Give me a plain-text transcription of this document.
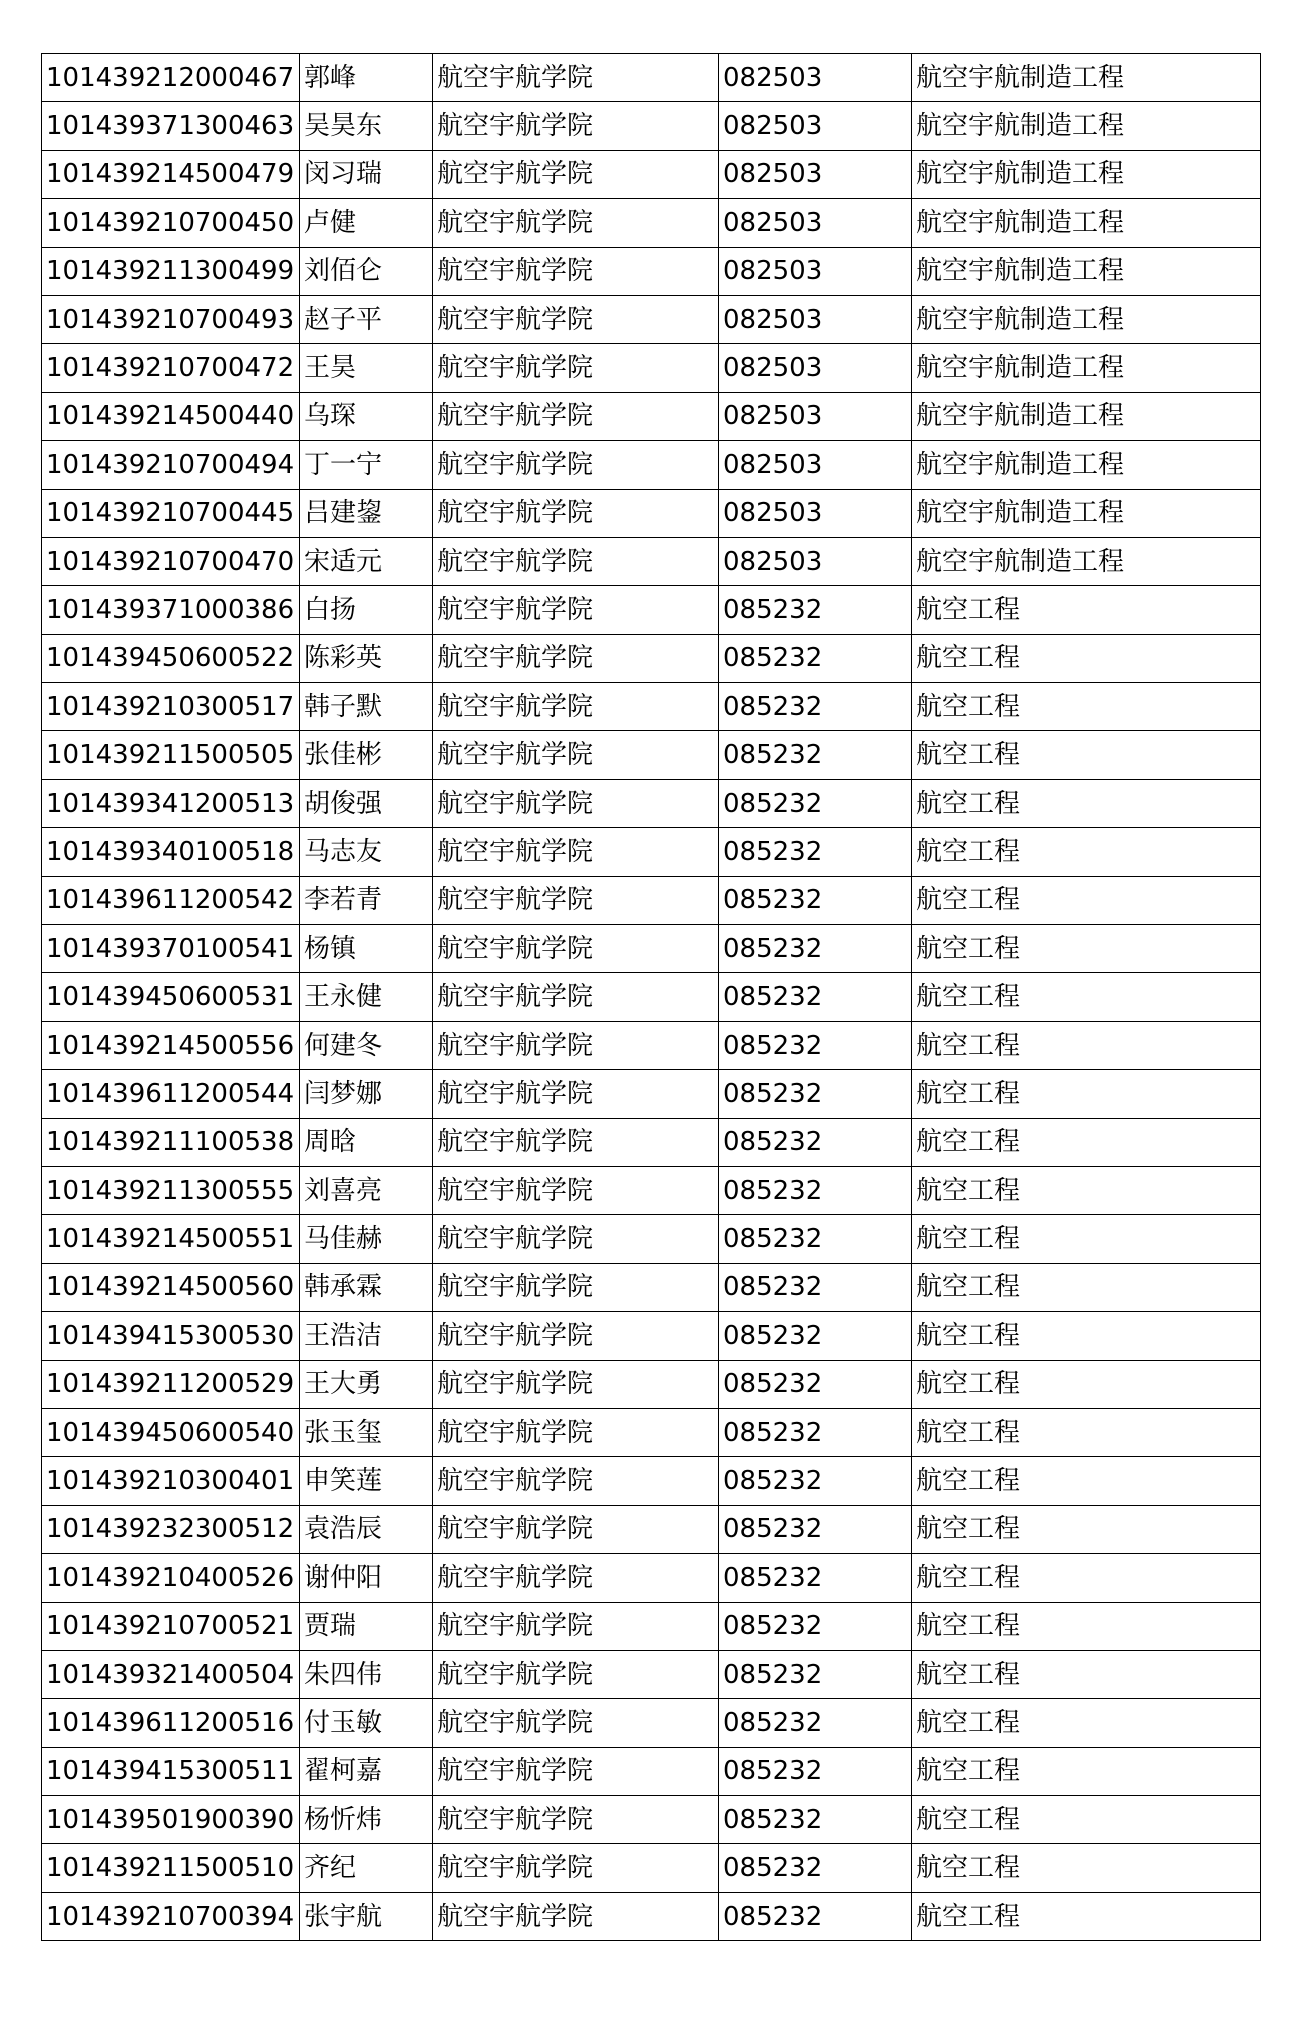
101439212000467	郭峰	航空宇航学院	082503	航空宇航制造工程
101439371300463	吴昊东	航空宇航学院	082503	航空宇航制造工程
101439214500479	闵习瑞	航空宇航学院	082503	航空宇航制造工程
101439210700450	卢健	航空宇航学院	082503	航空宇航制造工程
101439211300499	刘佰仑	航空宇航学院	082503	航空宇航制造工程
101439210700493	赵子平	航空宇航学院	082503	航空宇航制造工程
101439210700472	王昊	航空宇航学院	082503	航空宇航制造工程
101439214500440	乌琛	航空宇航学院	082503	航空宇航制造工程
101439210700494	丁一宁	航空宇航学院	082503	航空宇航制造工程
101439210700445	吕建鋆	航空宇航学院	082503	航空宇航制造工程
101439210700470	宋适元	航空宇航学院	082503	航空宇航制造工程
101439371000386	白扬	航空宇航学院	085232	航空工程
101439450600522	陈彩英	航空宇航学院	085232	航空工程
101439210300517	韩子默	航空宇航学院	085232	航空工程
101439211500505	张佳彬	航空宇航学院	085232	航空工程
101439341200513	胡俊强	航空宇航学院	085232	航空工程
101439340100518	马志友	航空宇航学院	085232	航空工程
101439611200542	李若青	航空宇航学院	085232	航空工程
101439370100541	杨镇	航空宇航学院	085232	航空工程
101439450600531	王永健	航空宇航学院	085232	航空工程
101439214500556	何建冬	航空宇航学院	085232	航空工程
101439611200544	闫梦娜	航空宇航学院	085232	航空工程
101439211100538	周晗	航空宇航学院	085232	航空工程
101439211300555	刘喜亮	航空宇航学院	085232	航空工程
101439214500551	马佳赫	航空宇航学院	085232	航空工程
101439214500560	韩承霖	航空宇航学院	085232	航空工程
101439415300530	王浩洁	航空宇航学院	085232	航空工程
101439211200529	王大勇	航空宇航学院	085232	航空工程
101439450600540	张玉玺	航空宇航学院	085232	航空工程
101439210300401	申笑莲	航空宇航学院	085232	航空工程
101439232300512	袁浩辰	航空宇航学院	085232	航空工程
101439210400526	谢仲阳	航空宇航学院	085232	航空工程
101439210700521	贾瑞	航空宇航学院	085232	航空工程
101439321400504	朱四伟	航空宇航学院	085232	航空工程
101439611200516	付玉敏	航空宇航学院	085232	航空工程
101439415300511	翟柯嘉	航空宇航学院	085232	航空工程
101439501900390	杨忻炜	航空宇航学院	085232	航空工程
101439211500510	齐纪	航空宇航学院	085232	航空工程
101439210700394	张宇航	航空宇航学院	085232	航空工程
